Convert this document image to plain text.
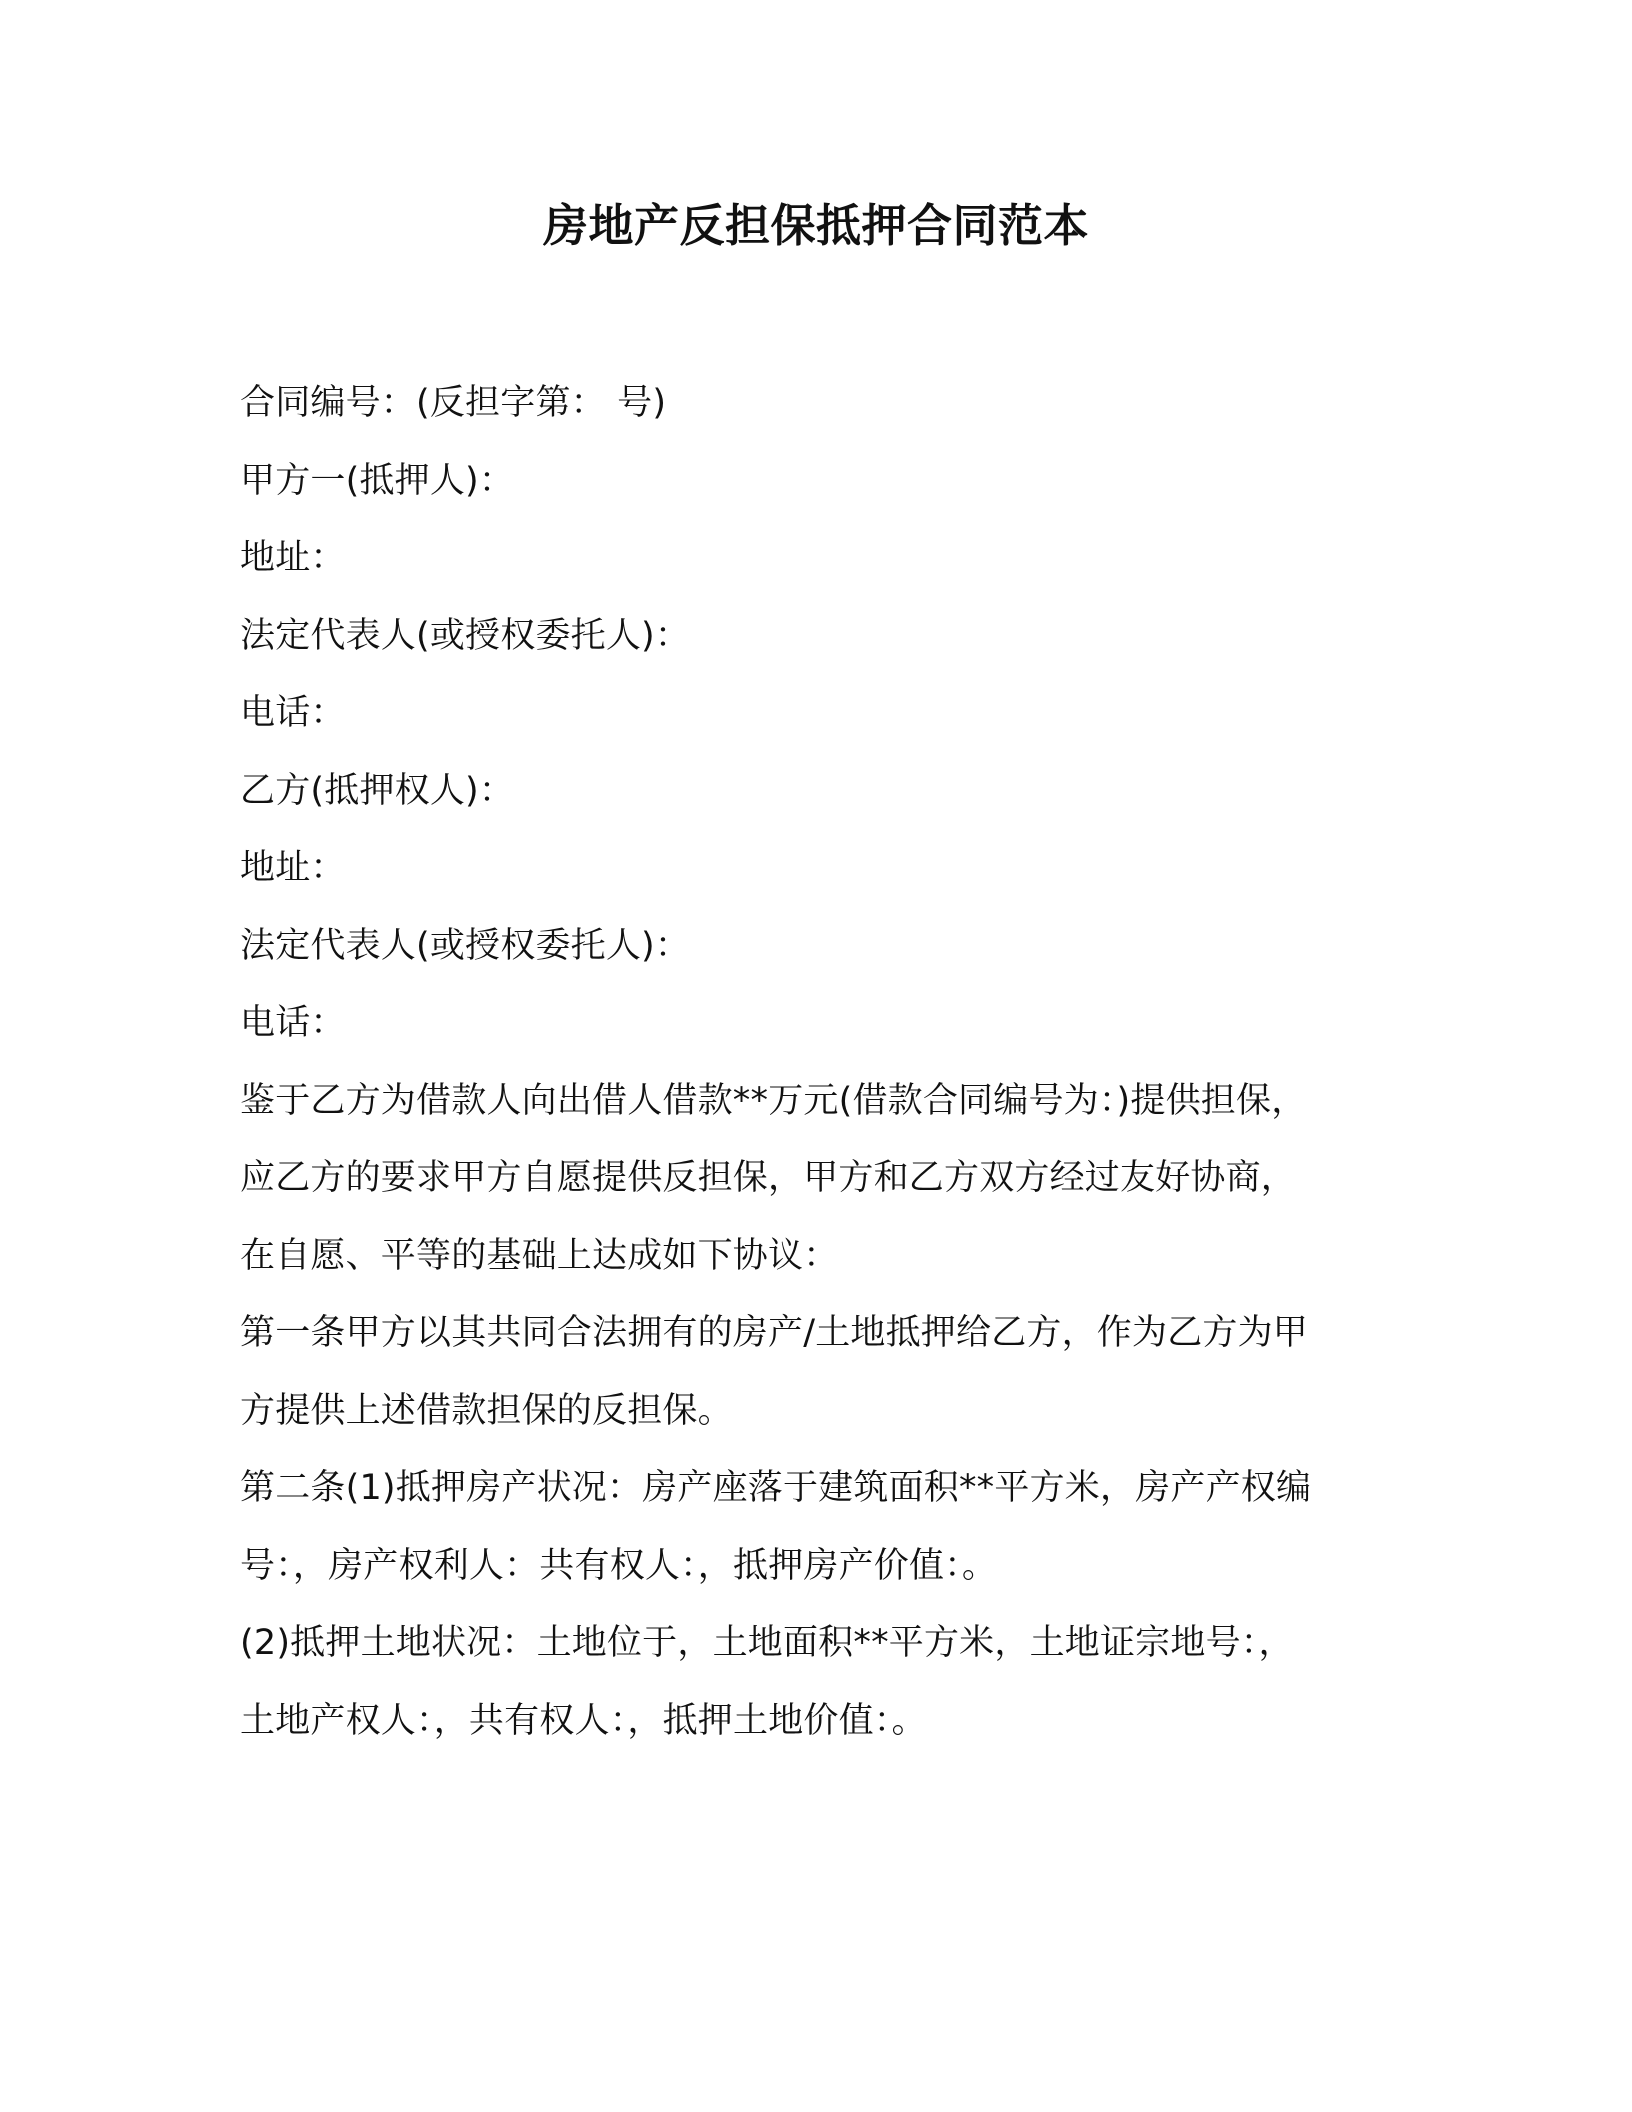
房地产反担保抵押合同范本
合同编号：(反担字第： 号)
甲方一(抵押人)：
地址：
法定代表人(或授权委托人)：
电话：
乙方(抵押权人)：
地址：
法定代表人(或授权委托人)：
电话：
鉴于乙方为借款人向出借人借款**万元(借款合同编号为：)提供担保，
应乙方的要求甲方自愿提供反担保，甲方和乙方双方经过友好协商，
在自愿、平等的基础上达成如下协议：
第一条甲方以其共同合法拥有的房产/土地抵押给乙方，作为乙方为甲
方提供上述借款担保的反担保。
第二条(1)抵押房产状况：房产座落于建筑面积**平方米，房产产权编
号：，房产权利人：共有权人：，抵押房产价值：。
(2)抵押土地状况：土地位于，土地面积**平方米，土地证宗地号：，
土地产权人：，共有权人：，抵押土地价值：。
